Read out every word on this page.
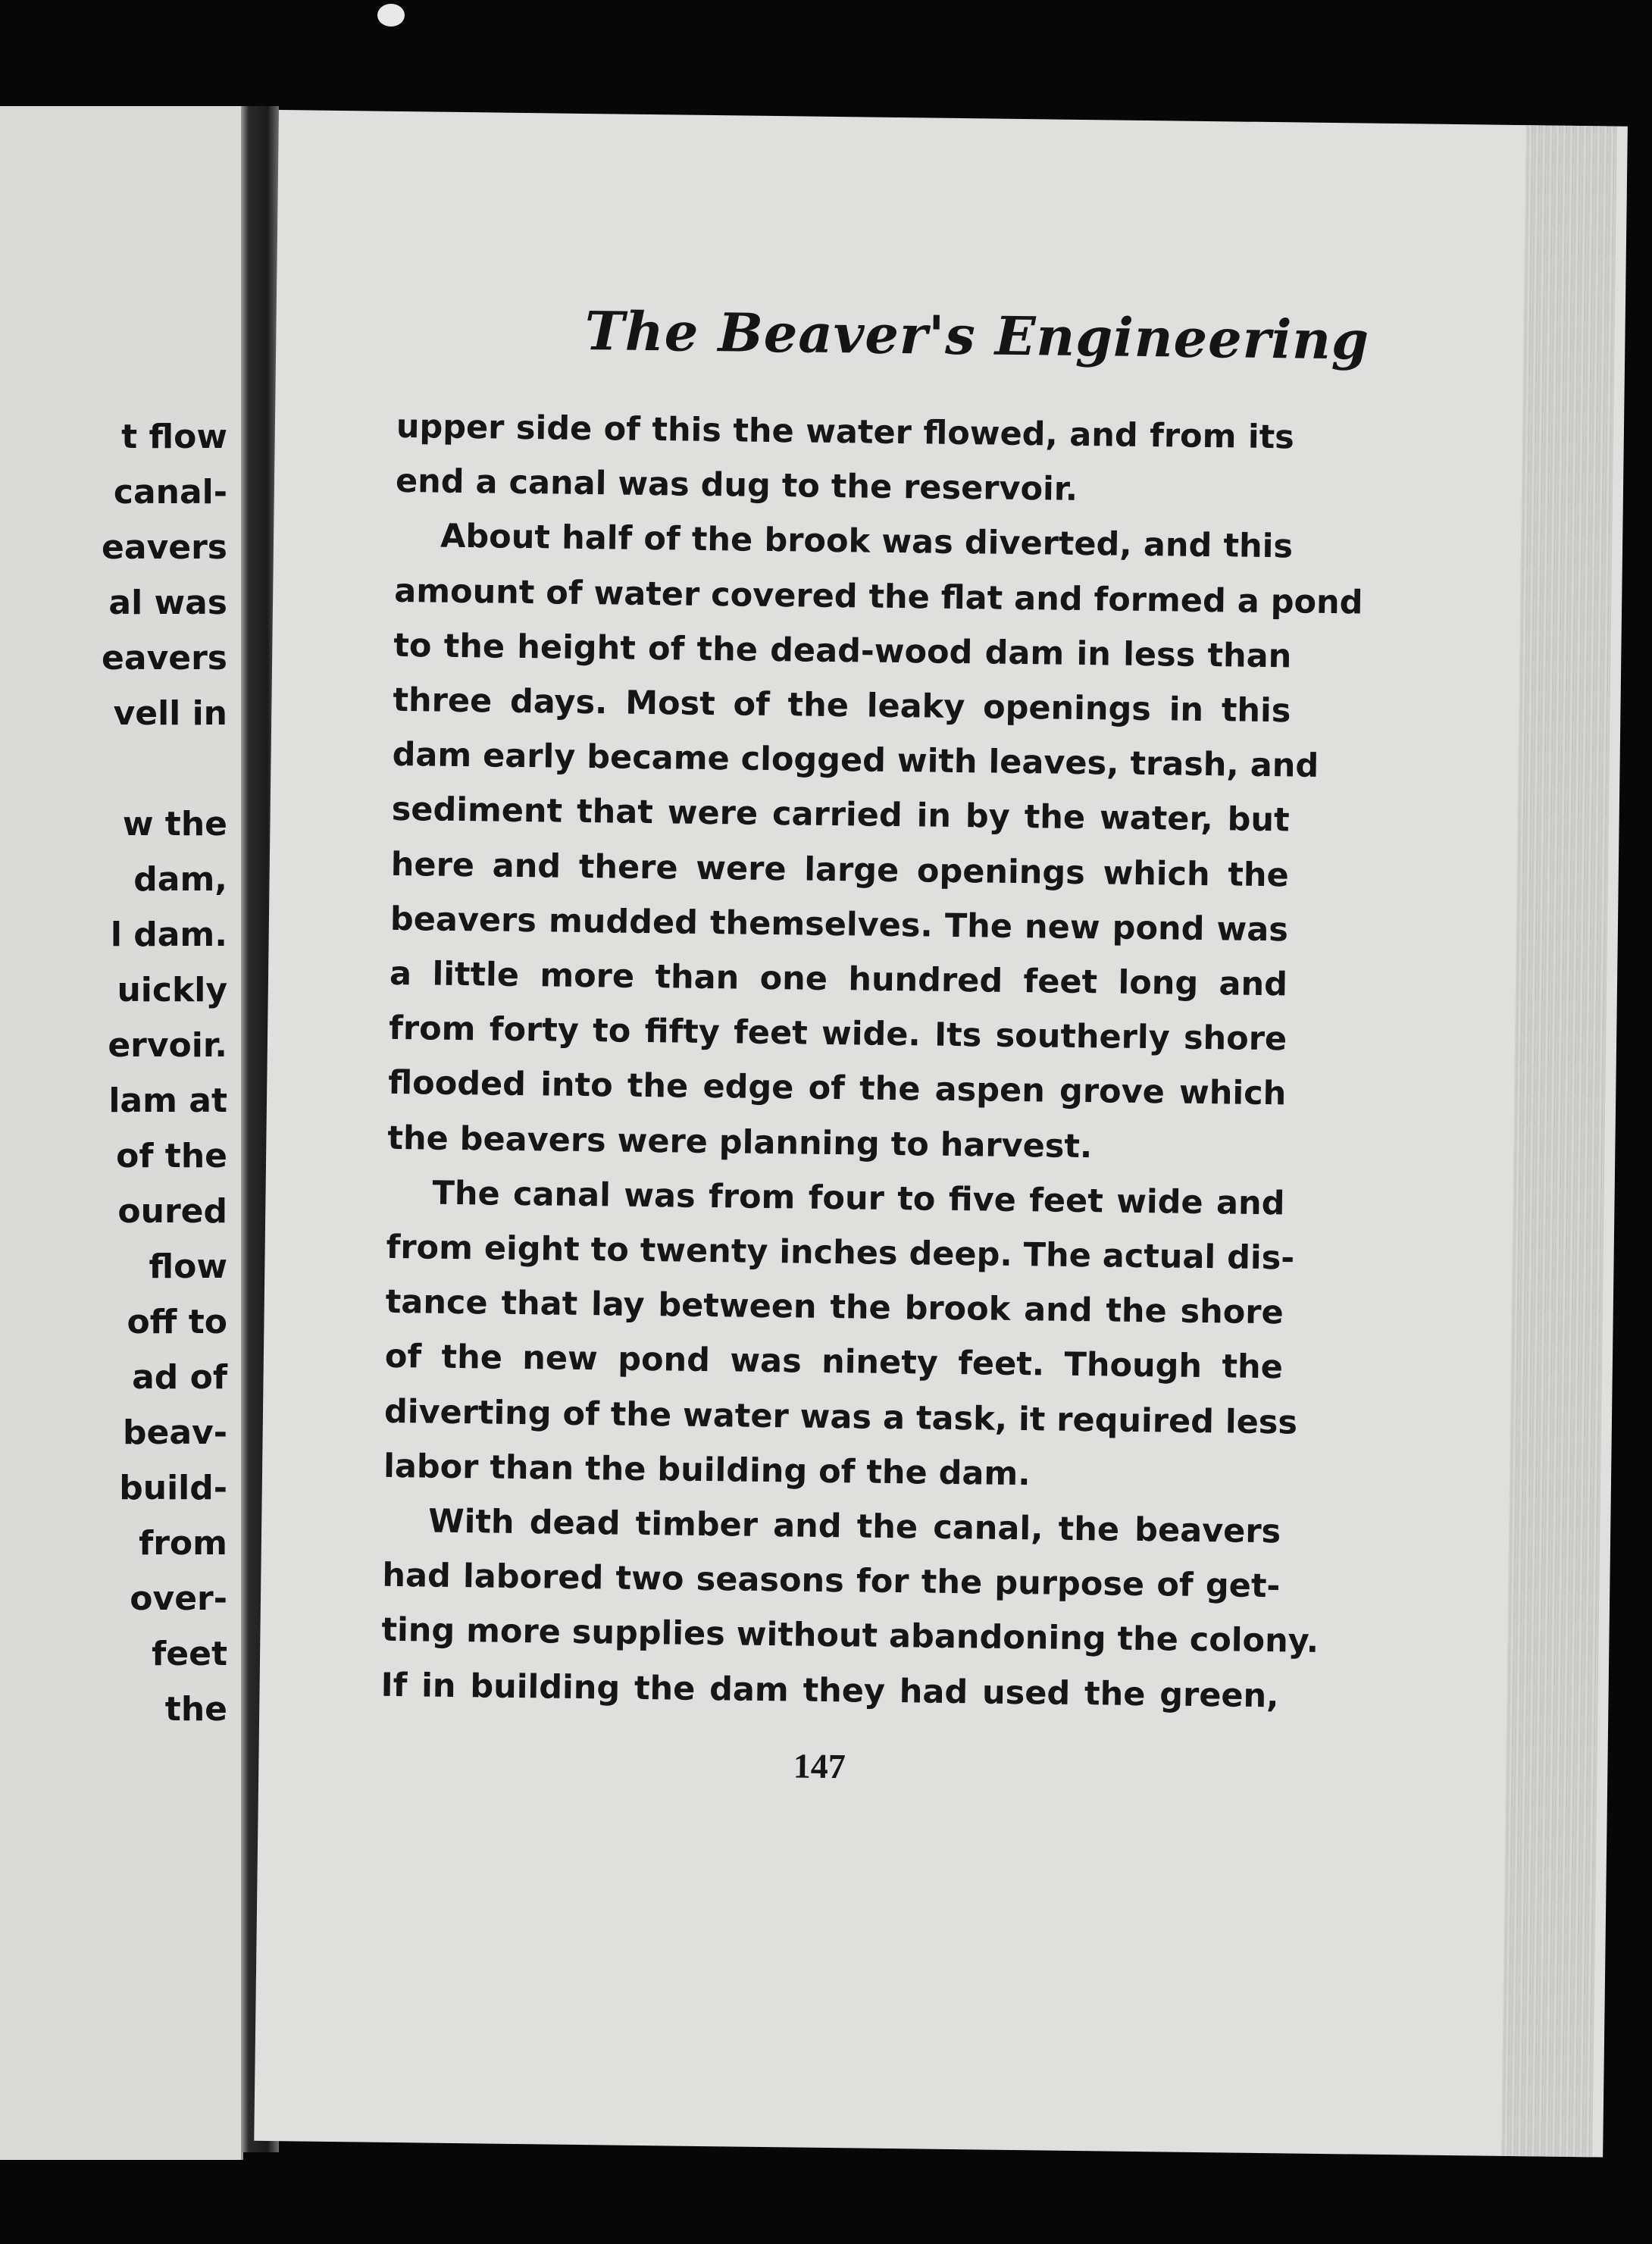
t flow
canal-
eavers
al was
eavers
vell in

w the
dam,
l dam.
uickly
ervoir.
lam at
of the
oured
flow
off to
ad of
beav-
build-
from
over-
feet
the
The Beaver's Engineering
upper side of this the water flowed, and from its
end a canal was dug to the reservoir.
About half of the brook was diverted, and this
amount of water covered the flat and formed a pond
to the height of the dead-wood dam in less than
three days. Most of the leaky openings in this
dam early became clogged with leaves, trash, and
sediment that were carried in by the water, but
here and there were large openings which the
beavers mudded themselves. The new pond was
a little more than one hundred feet long and
from forty to fifty feet wide. Its southerly shore
flooded into the edge of the aspen grove which
the beavers were planning to harvest.
The canal was from four to five feet wide and
from eight to twenty inches deep. The actual dis-
tance that lay between the brook and the shore
of the new pond was ninety feet. Though the
diverting of the water was a task, it required less
labor than the building of the dam.
With dead timber and the canal, the beavers
had labored two seasons for the purpose of get-
ting more supplies without abandoning the colony.
If in building the dam they had used the green,
147
